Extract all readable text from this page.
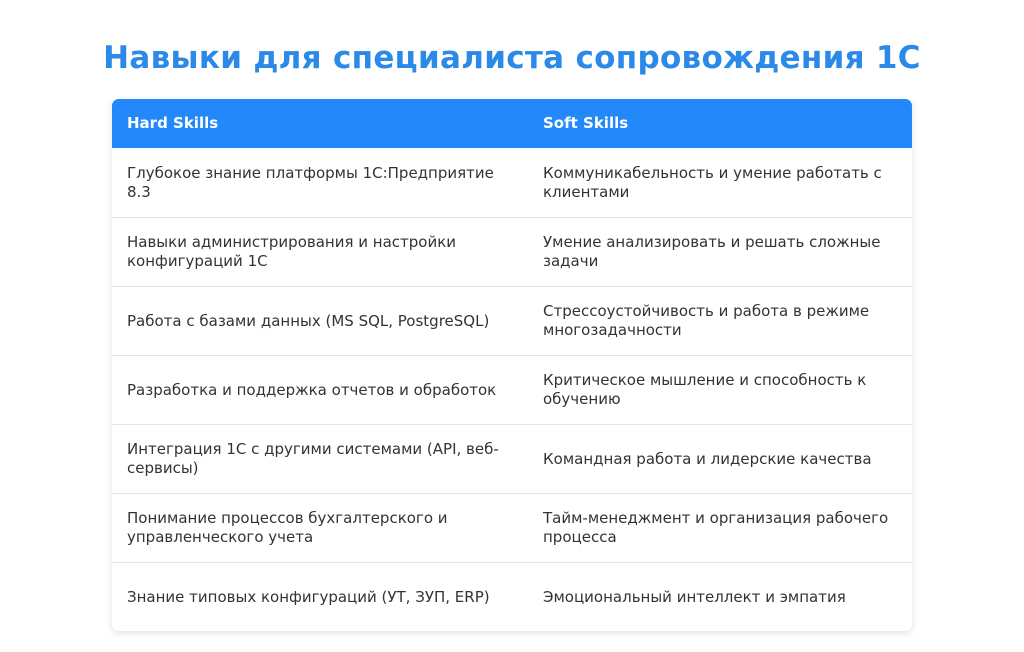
Навыки для специалиста сопровождения 1С
Hard Skills	Soft Skills
Глубокое знание платформы 1С:Предприятие 8.3
Коммуникабельность и умение работать с клиентами
Навыки администрирования и настройки конфигураций 1С
Умение анализировать и решать сложные задачи
Работа с базами данных (MS SQL, PostgreSQL)
Стрессоустойчивость и работа в режиме многозадачности
Разработка и поддержка отчетов и обработок
Критическое мышление и способность к обучению
Интеграция 1С с другими системами (API, веб-сервисы)
Командная работа и лидерские качества
Понимание процессов бухгалтерского и управленческого учета
Тайм-менеджмент и организация рабочего процесса
Знание типовых конфигураций (УТ, ЗУП, ERP)	Эмоциональный интеллект и эмпатия
